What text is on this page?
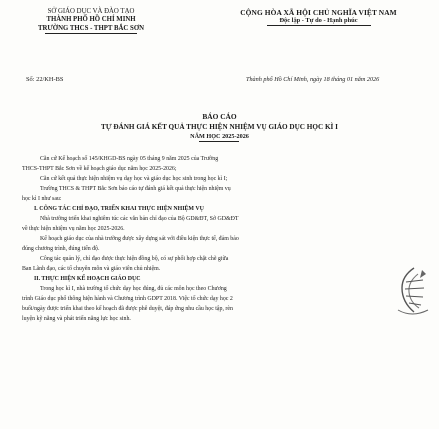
SỞ GIÁO DỤC VÀ ĐÀO TẠO
THÀNH PHỐ HỒ CHÍ MINH
TRƯỜNG THCS - THPT BẮC SƠN
CỘNG HÒA XÃ HỘI CHỦ NGHĨA VIỆT NAM
Độc lập - Tự do - Hạnh phúc
Số: 22/KH-BS	Thành phố Hồ Chí Minh, ngày 18 tháng 01 năm 2026
BÁO CÁO
TỰ ĐÁNH GIÁ KẾT QUẢ THỰC HIỆN NHIỆM VỤ GIÁO DỤC HỌC KÌ I
NĂM HỌC 2025-2026

Căn cứ Kế hoạch số 145/KHGD-BS ngày 05 tháng 9 năm 2025 của Trường

THCS-THPT Bắc Sơn về kế hoạch giáo dục năm học 2025-2026;

Căn cứ kết quả thực hiện nhiệm vụ dạy học và giáo dục học sinh trong học kì I;

Trường THCS & THPT Bắc Sơn báo cáo tự đánh giá kết quả thực hiện nhiệm vụ

học kì I như sau:

I. CÔNG TÁC CHỈ ĐẠO, TRIỂN KHAI THỰC HIỆN NHIỆM VỤ

Nhà trường triển khai nghiêm túc các văn bản chỉ đạo của Bộ GD&ĐT, Sở GD&ĐT

về thực hiện nhiệm vụ năm học 2025-2026.

Kế hoạch giáo dục của nhà trường được xây dựng sát với điều kiện thực tế, đảm bảo

đúng chương trình, đúng tiến độ.

Công tác quản lý, chỉ đạo được thực hiện đồng bộ, có sự phối hợp chặt chẽ giữa

Ban Lãnh đạo, các tổ chuyên môn và giáo viên chủ nhiệm.

II. THỰC HIỆN KẾ HOẠCH GIÁO DỤC

Trong học kì I, nhà trường tổ chức dạy học đúng, đủ các môn học theo Chương

trình Giáo dục phổ thông hiện hành và Chương trình GDPT 2018. Việc tổ chức dạy học 2

buổi/ngày được triển khai theo kế hoạch đã được phê duyệt, đáp ứng nhu cầu học tập, rèn

luyện kỹ năng và phát triển năng lực học sinh.
